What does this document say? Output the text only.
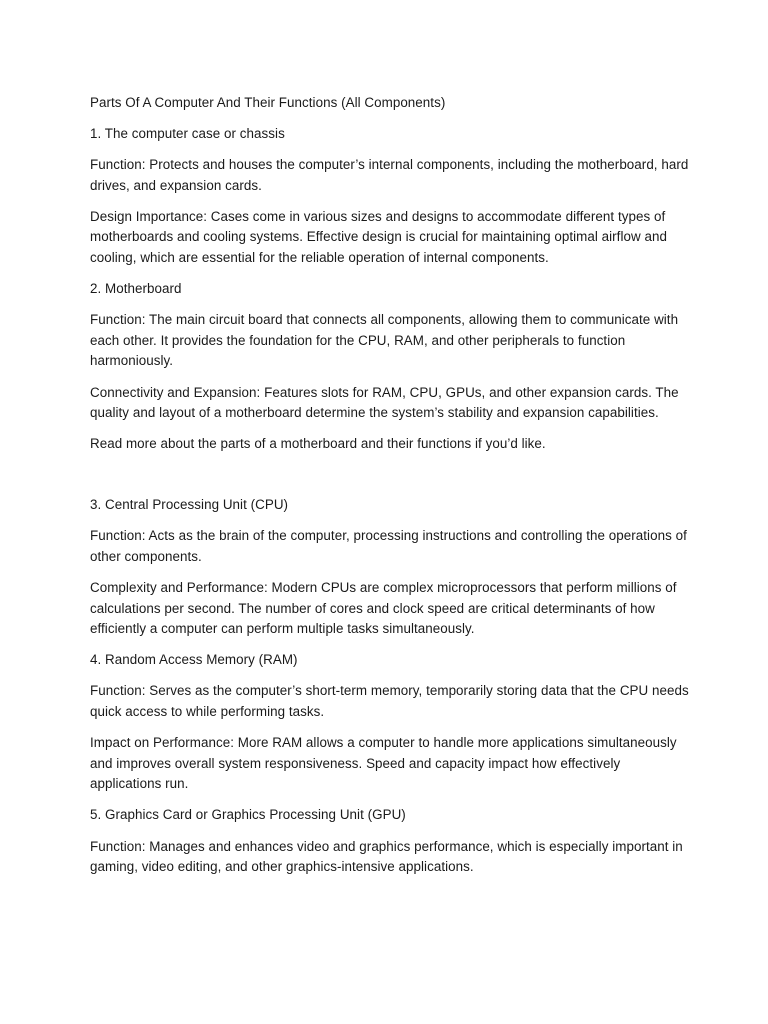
Parts Of A Computer And Their Functions (All Components)

1. The computer case or chassis

Function: Protects and houses the computer’s internal components, including the motherboard, hard drives, and expansion cards.

Design Importance: Cases come in various sizes and designs to accommodate different types of motherboards and cooling systems. Effective design is crucial for maintaining optimal airflow and cooling, which are essential for the reliable operation of internal components.

2. Motherboard

Function: The main circuit board that connects all components, allowing them to communicate with each other. It provides the foundation for the CPU, RAM, and other peripherals to function harmoniously.

Connectivity and Expansion: Features slots for RAM, CPU, GPUs, and other expansion cards. The quality and layout of a motherboard determine the system’s stability and expansion capabilities.

Read more about the parts of a motherboard and their functions if you’d like.

3. Central Processing Unit (CPU)

Function: Acts as the brain of the computer, processing instructions and controlling the operations of other components.

Complexity and Performance: Modern CPUs are complex microprocessors that perform millions of calculations per second. The number of cores and clock speed are critical determinants of how efficiently a computer can perform multiple tasks simultaneously.

4. Random Access Memory (RAM)

Function: Serves as the computer’s short-term memory, temporarily storing data that the CPU needs quick access to while performing tasks.

Impact on Performance: More RAM allows a computer to handle more applications simultaneously and improves overall system responsiveness. Speed and capacity impact how effectively applications run.

5. Graphics Card or Graphics Processing Unit (GPU)

Function: Manages and enhances video and graphics performance, which is especially important in gaming, video editing, and other graphics-intensive applications.
